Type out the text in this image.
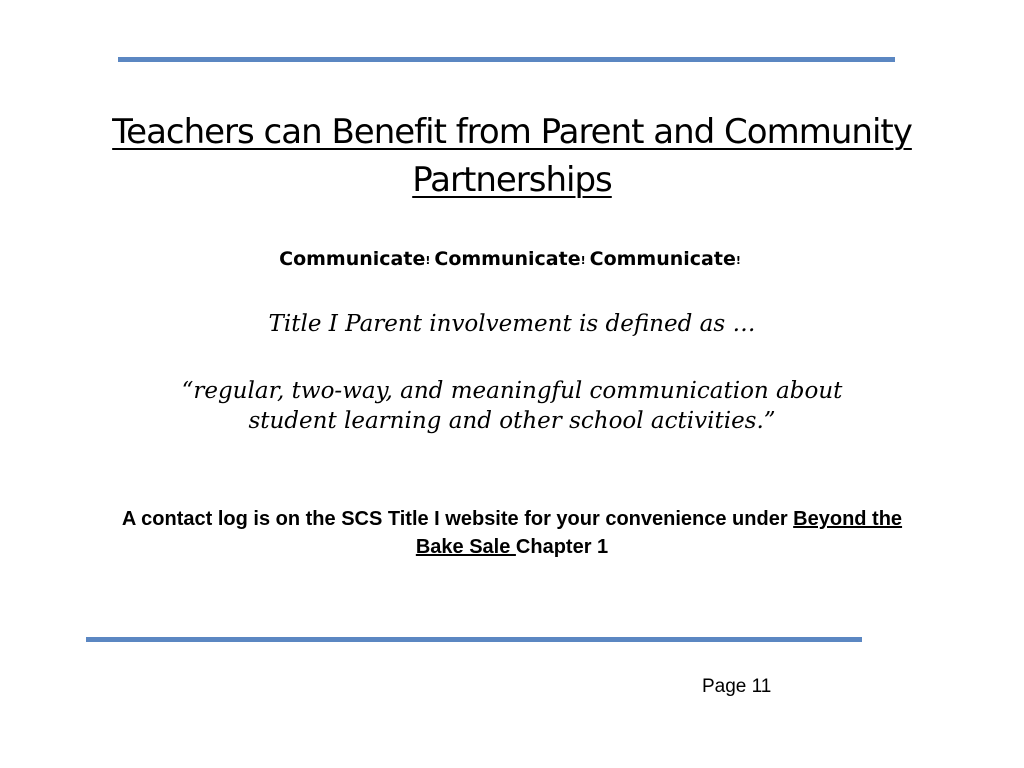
Teachers can Benefit from Parent and Community Partnerships
Communicate! Communicate! Communicate!
Title I Parent involvement is defined as …
“regular, two-way, and meaningful communication about student learning and other school activities.”
A contact log is on the SCS Title I website for your convenience under Beyond the Bake Sale Chapter 1
Page 11
